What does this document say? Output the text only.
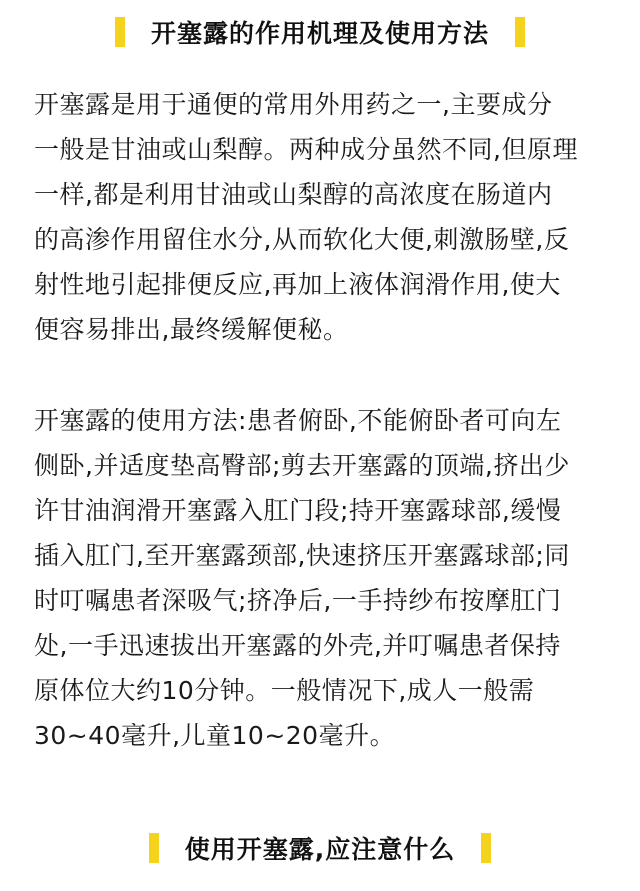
开塞露的作用机理及使用方法
开塞露是用于通便的常用外用药之一,主要成分
一般是甘油或山梨醇。两种成分虽然不同,但原理
一样,都是利用甘油或山梨醇的高浓度在肠道内
的高渗作用留住水分,从而软化大便,刺激肠壁,反
射性地引起排便反应,再加上液体润滑作用,使大
便容易排出,最终缓解便秘。
开塞露的使用方法:患者俯卧,不能俯卧者可向左
侧卧,并适度垫高臀部;剪去开塞露的顶端,挤出少
许甘油润滑开塞露入肛门段;持开塞露球部,缓慢
插入肛门,至开塞露颈部,快速挤压开塞露球部;同
时叮嘱患者深吸气;挤净后,一手持纱布按摩肛门
处,一手迅速拔出开塞露的外壳,并叮嘱患者保持
原体位大约10分钟。一般情况下,成人一般需
30~40毫升,儿童10~20毫升。
使用开塞露,应注意什么
